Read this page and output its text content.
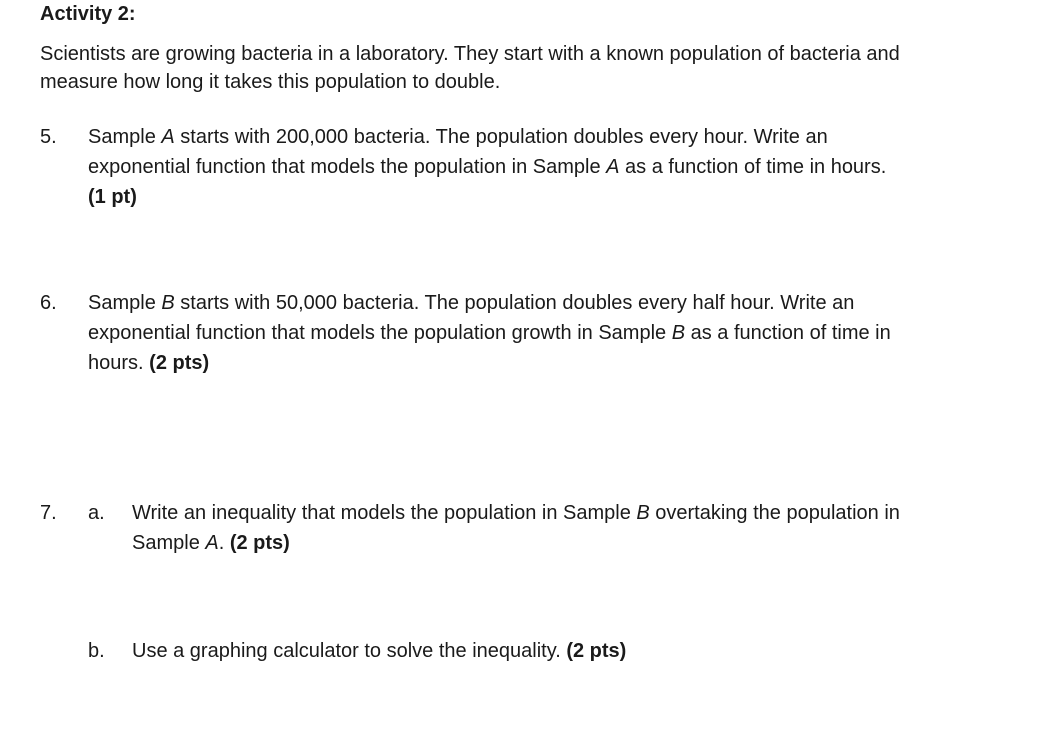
Activity 2:
Scientists are growing bacteria in a laboratory. They start with a known population of bacteria and
measure how long it takes this population to double.
5. Sample A starts with 200,000 bacteria. The population doubles every hour. Write an
exponential function that models the population in Sample A as a function of time in hours.
(1 pt)
6. Sample B starts with 50,000 bacteria. The population doubles every half hour. Write an
exponential function that models the population growth in Sample B as a function of time in
hours. (2 pts)
7. a. Write an inequality that models the population in Sample B overtaking the population in
Sample A. (2 pts)
b. Use a graphing calculator to solve the inequality. (2 pts)
